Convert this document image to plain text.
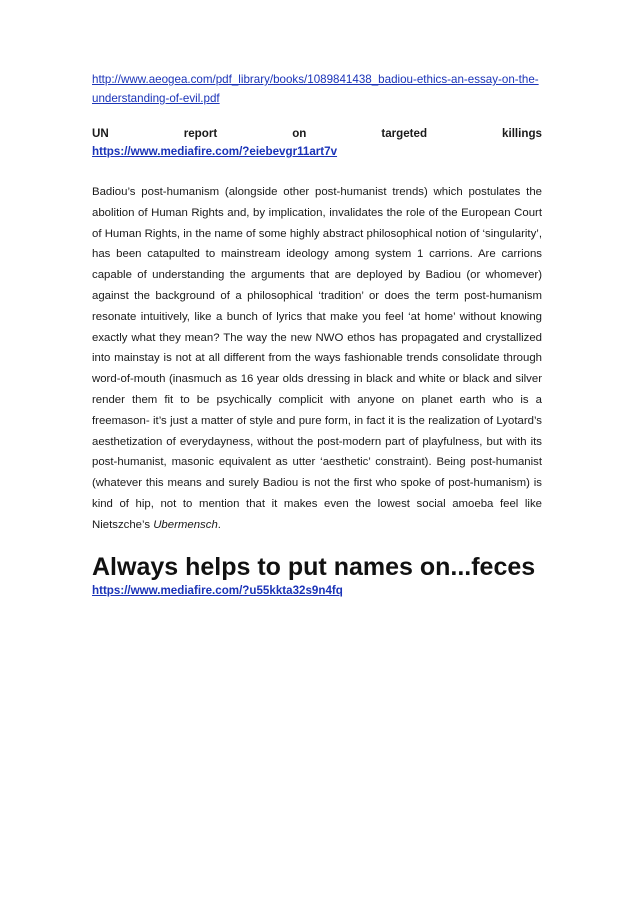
http://www.aeogea.com/pdf_library/books/1089841438_badiou-ethics-an-essay-on-the-understanding-of-evil.pdf
UN	report	on	targeted	killings
https://www.mediafire.com/?eiebevgr11art7v

Badiou’s post-humanism (alongside other post-humanist trends) which postulates the abolition of Human Rights and, by implication, invalidates the role of the European Court of Human Rights, in the name of some highly abstract philosophical notion of ‘singularity’, has been catapulted to mainstream ideology among system 1 carrions. Are carrions capable of understanding the arguments that are deployed by Badiou (or whomever) against the background of a philosophical ‘tradition’ or does the term post-humanism resonate intuitively, like a bunch of lyrics that make you feel ‘at home’ without knowing exactly what they mean? The way the new NWO ethos has propagated and crystallized into mainstay is not at all different from the ways fashionable trends consolidate through word-of-mouth (inasmuch as 16 year olds dressing in black and white or black and silver render them fit to be psychically complicit with anyone on planet earth who is a freemason- it’s just a matter of style and pure form, in fact it is the realization of Lyotard’s aesthetization of everydayness, without the post-modern part of playfulness, but with its post-humanist, masonic equivalent as utter ‘aesthetic’ constraint). Being post-humanist (whatever this means and surely Badiou is not the first who spoke of post-humanism) is kind of hip, not to mention that it makes even the lowest social amoeba feel like Nietszche’s Ubermensch.

Always helps to put names on...feces
https://www.mediafire.com/?u55kkta32s9n4fq
